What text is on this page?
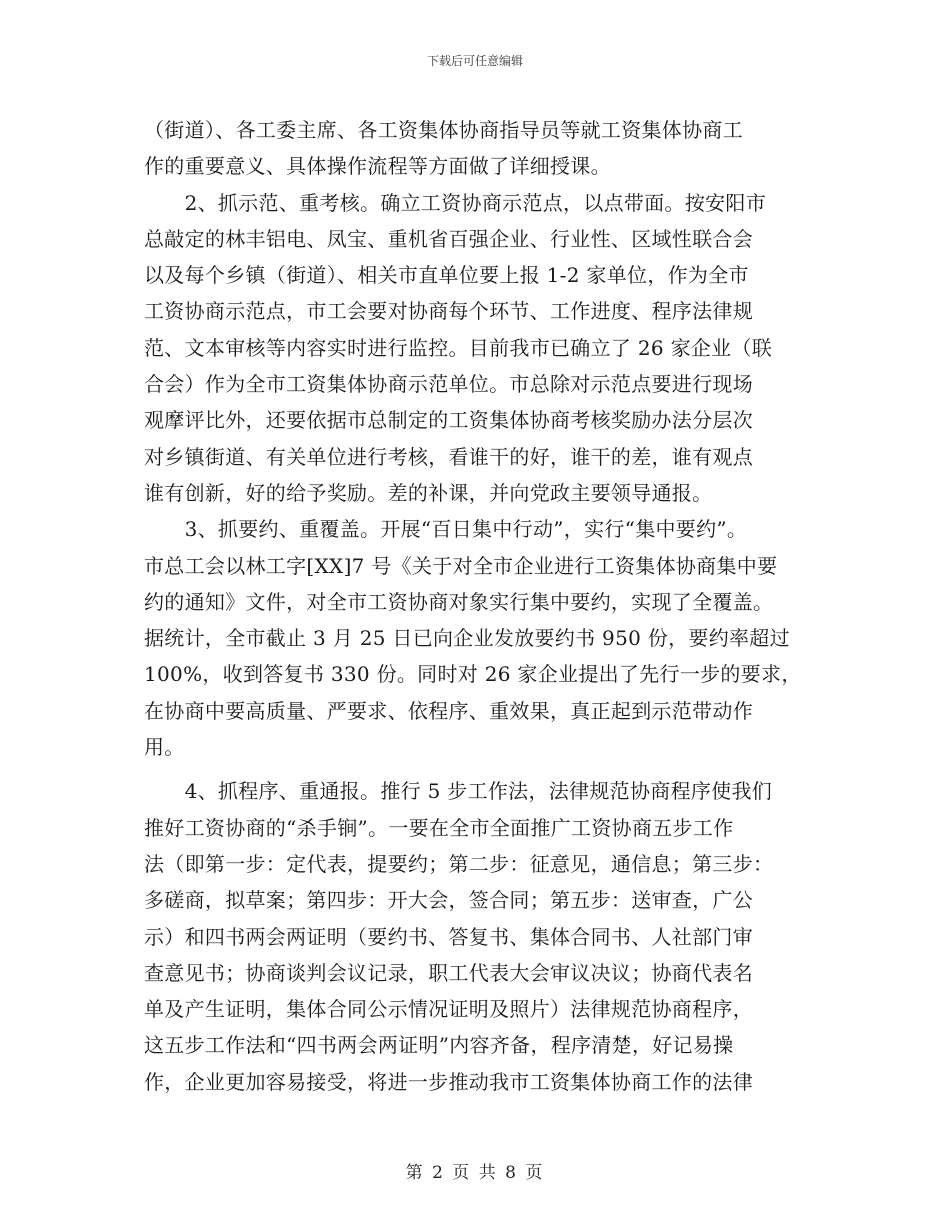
下载后可任意编辑
（街道）、各工委主席、各工资集体协商指导员等就工资集体协商工
作的重要意义、具体操作流程等方面做了详细授课。
　　2、抓示范、重考核。确立工资协商示范点，以点带面。按安阳市
总敲定的林丰铝电、凤宝、重机省百强企业、行业性、区域性联合会
以及每个乡镇（街道）、相关市直单位要上报 1-2 家单位，作为全市
工资协商示范点，市工会要对协商每个环节、工作进度、程序法律规
范、文本审核等内容实时进行监控。目前我市已确立了 26 家企业（联
合会）作为全市工资集体协商示范单位。市总除对示范点要进行现场
观摩评比外，还要依据市总制定的工资集体协商考核奖励办法分层次
对乡镇街道、有关单位进行考核，看谁干的好，谁干的差，谁有观点
谁有创新，好的给予奖励。差的补课，并向党政主要领导通报。
　　3、抓要约、重覆盖。开展“百日集中行动”，实行“集中要约”。
市总工会以林工字[XX]7 号《关于对全市企业进行工资集体协商集中要
约的通知》文件，对全市工资协商对象实行集中要约，实现了全覆盖。
据统计，全市截止 3 月 25 日已向企业发放要约书 950 份，要约率超过
100%，收到答复书 330 份。同时对 26 家企业提出了先行一步的要求，
在协商中要高质量、严要求、依程序、重效果，真正起到示范带动作
用。
　　4、抓程序、重通报。推行 5 步工作法，法律规范协商程序使我们
推好工资协商的“杀手锏”。一要在全市全面推广工资协商五步工作
法（即第一步：定代表，提要约；第二步：征意见，通信息；第三步：
多磋商，拟草案；第四步：开大会，签合同；第五步：送审查，广公
示）和四书两会两证明（要约书、答复书、集体合同书、人社部门审
查意见书；协商谈判会议记录，职工代表大会审议决议；协商代表名
单及产生证明，集体合同公示情况证明及照片）法律规范协商程序，
这五步工作法和“四书两会两证明”内容齐备，程序清楚，好记易操
作，企业更加容易接受，将进一步推动我市工资集体协商工作的法律
第 2 页 共 8 页
